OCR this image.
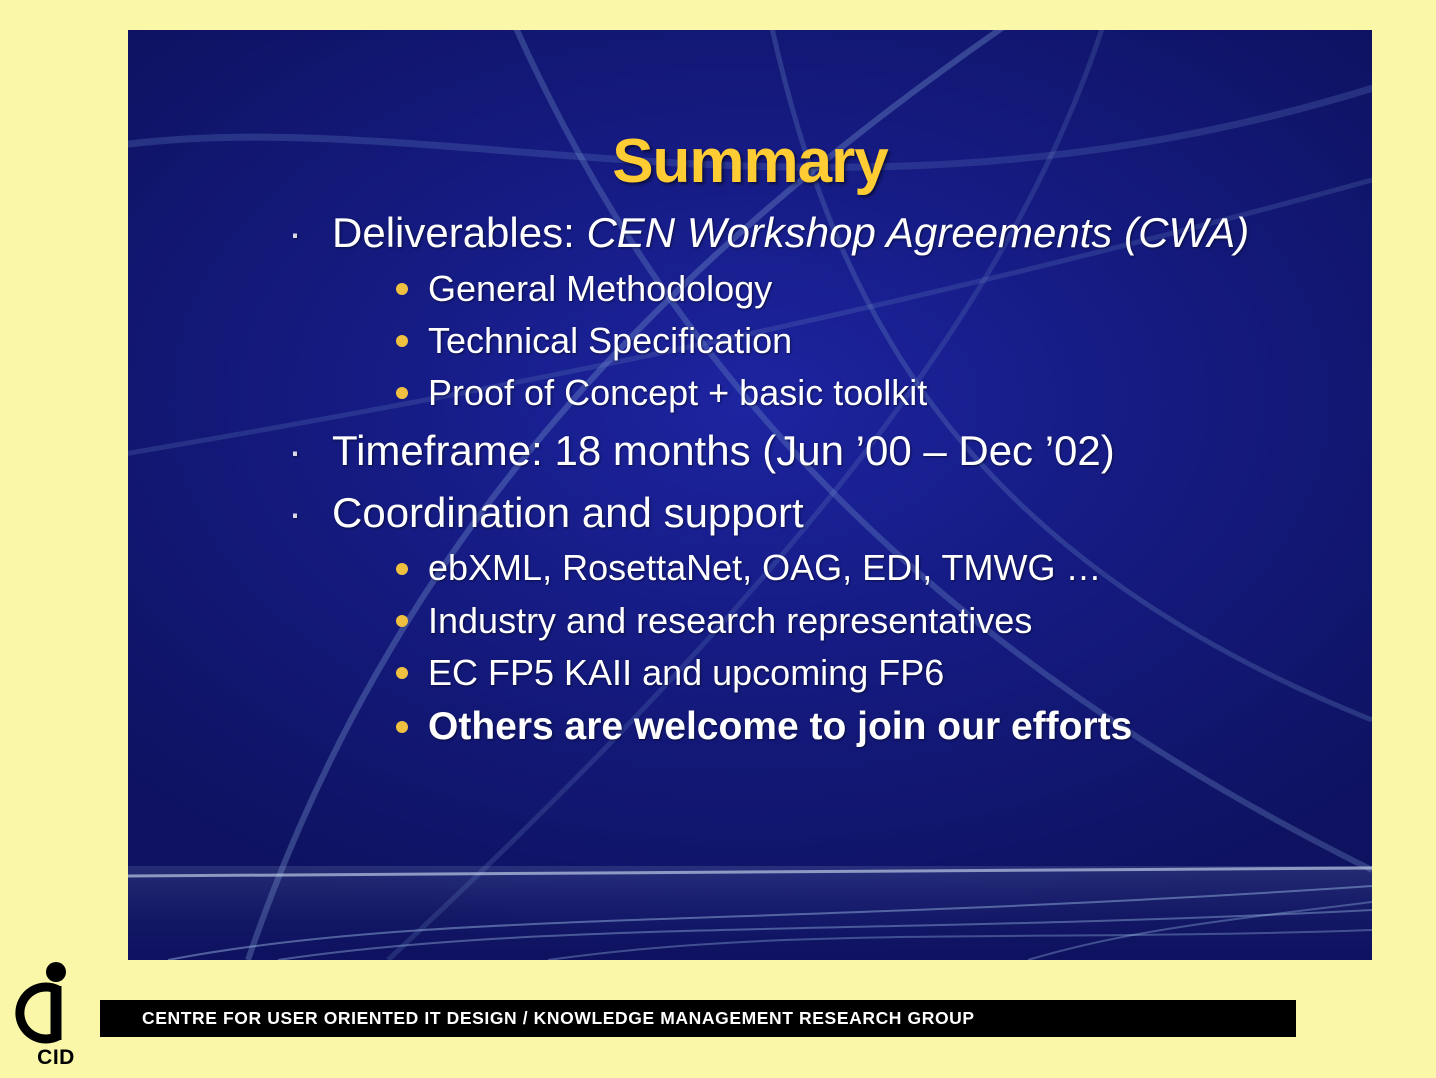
Summary
· Deliverables: CEN Workshop Agreements (CWA)
General Methodology
Technical Specification
Proof of Concept + basic toolkit
· Timeframe: 18 months (Jun ’00 – Dec ’02)
· Coordination and support
ebXML, RosettaNet, OAG, EDI, TMWG …
Industry and research representatives
EC FP5 KAII and upcoming FP6
Others are welcome to join our efforts
CENTRE FOR USER ORIENTED IT DESIGN / KNOWLEDGE MANAGEMENT RESEARCH GROUP
CID
